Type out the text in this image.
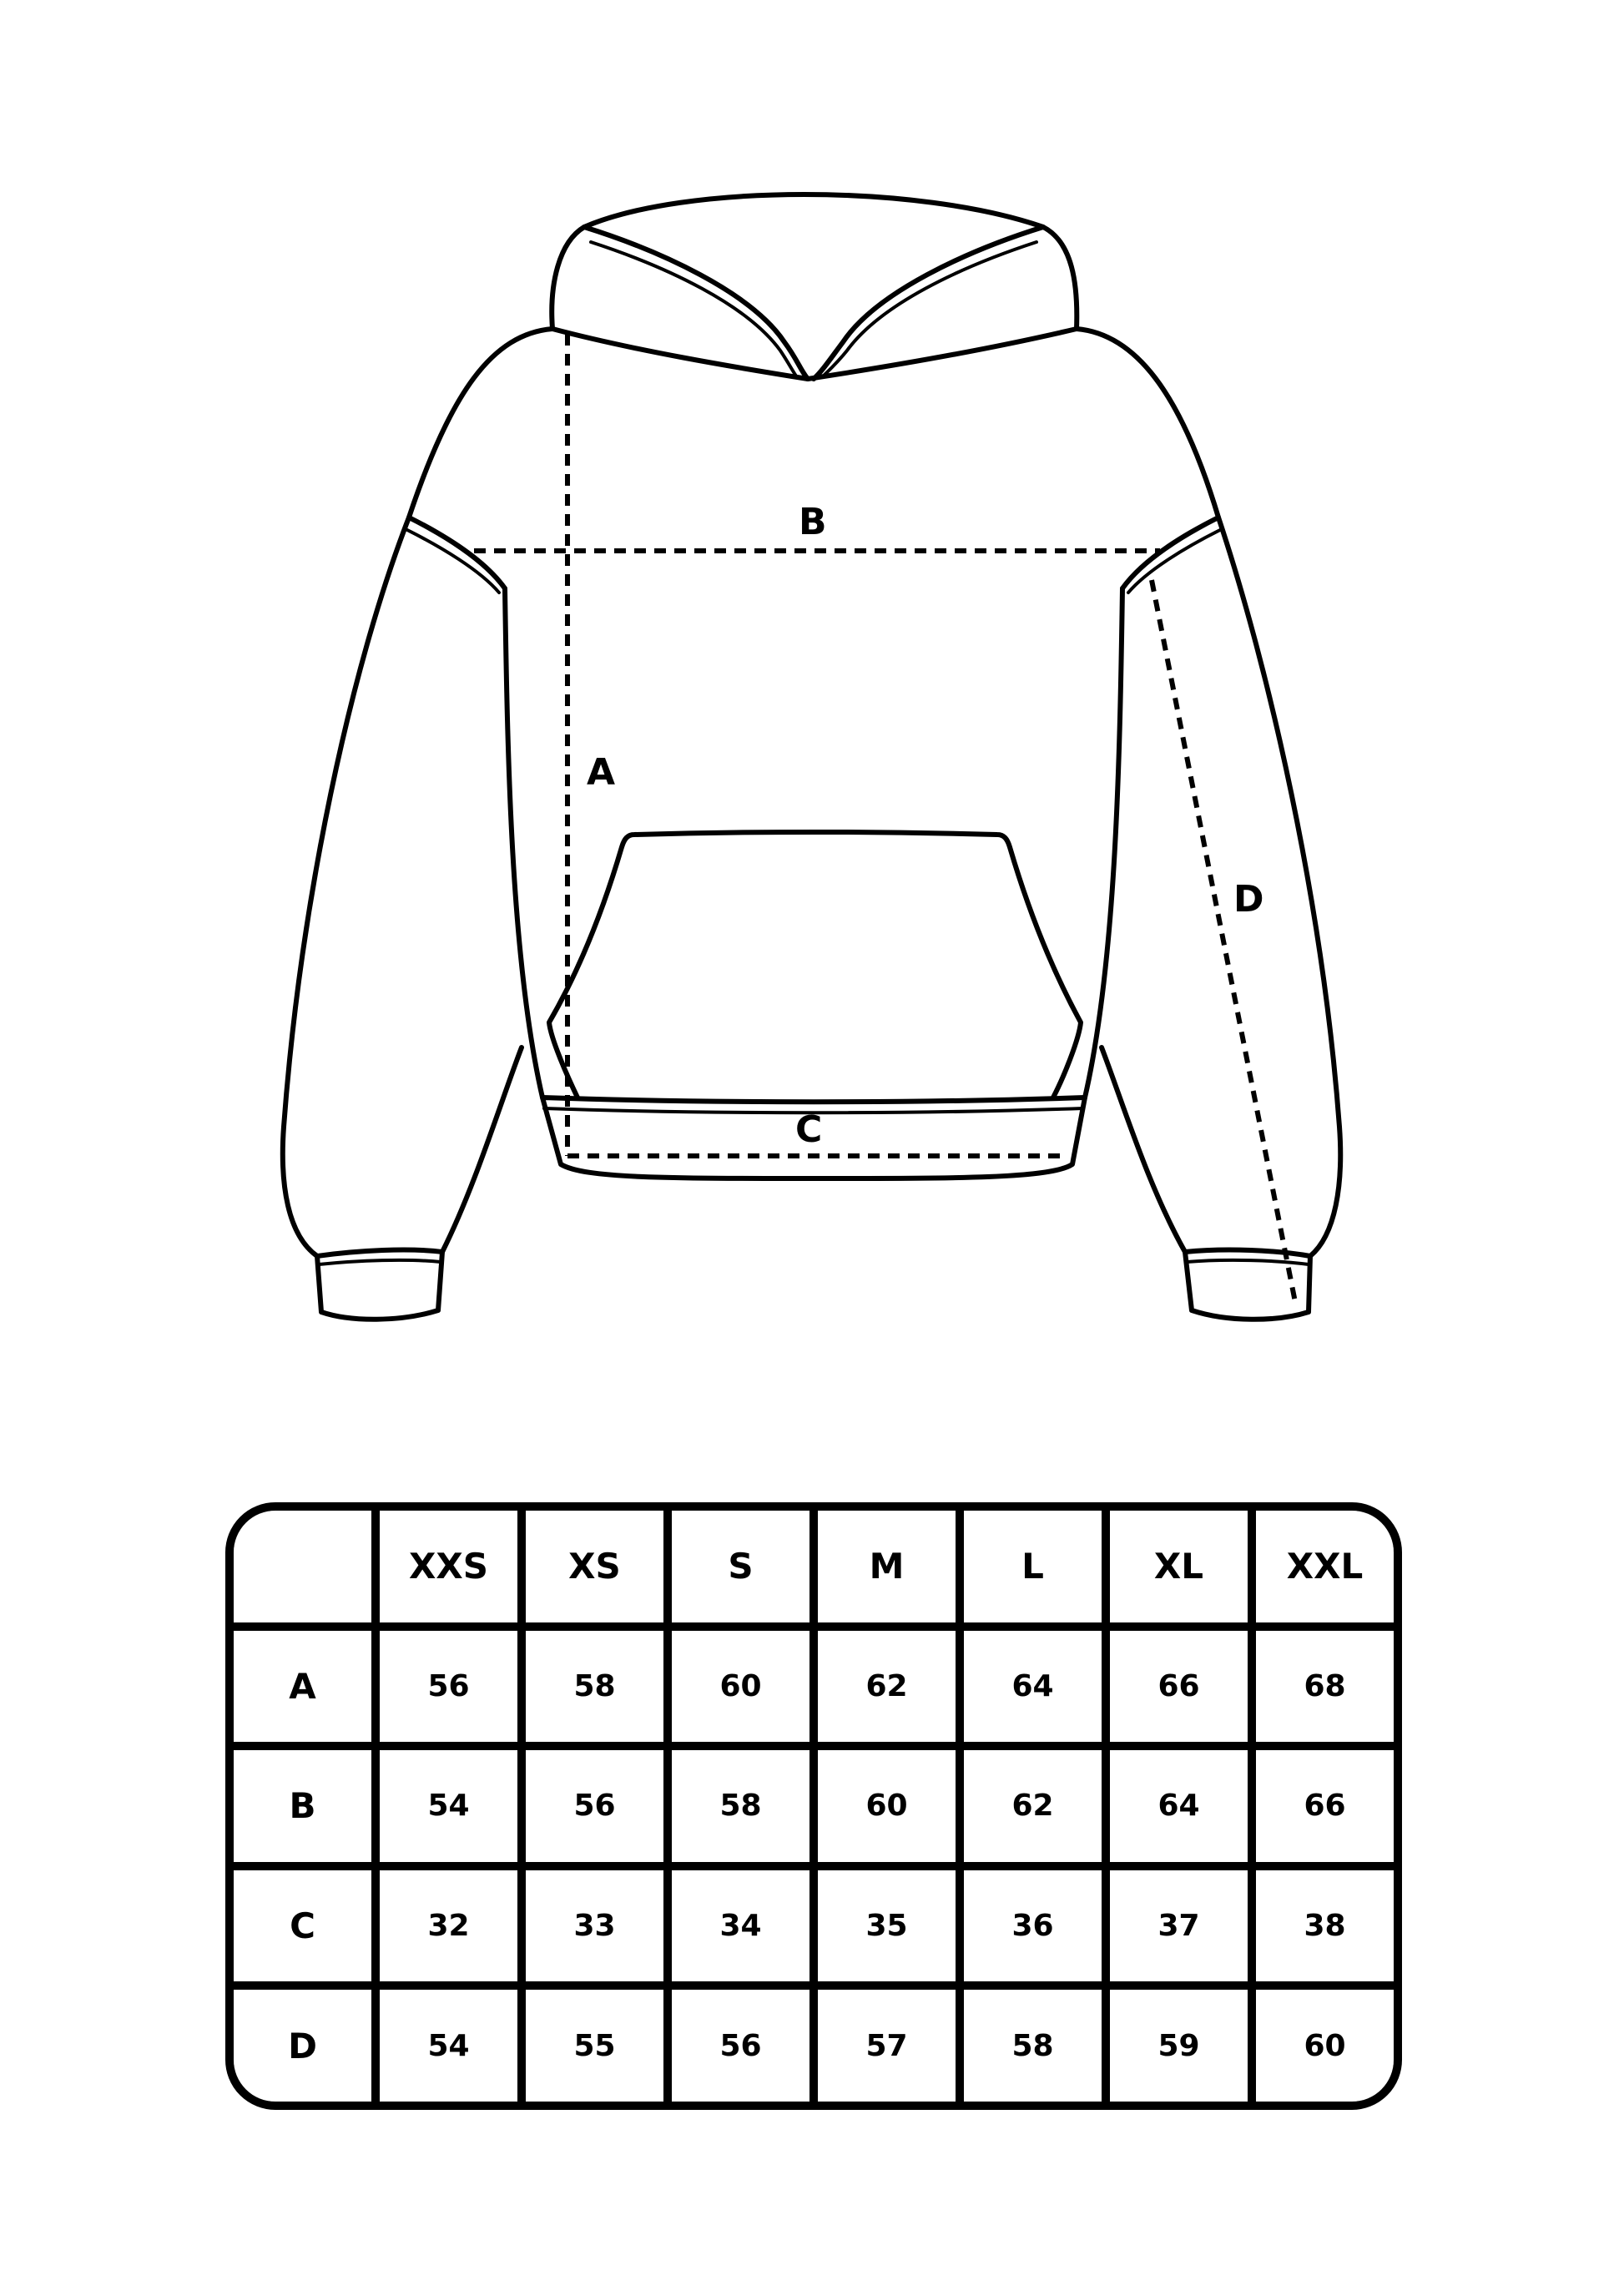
A
B
C
D
	XXS	XS	S	M	L	XL	XXL
A	56	58	60	62	64	66	68
B	54	56	58	60	62	64	66
C	32	33	34	35	36	37	38
D	54	55	56	57	58	59	60
